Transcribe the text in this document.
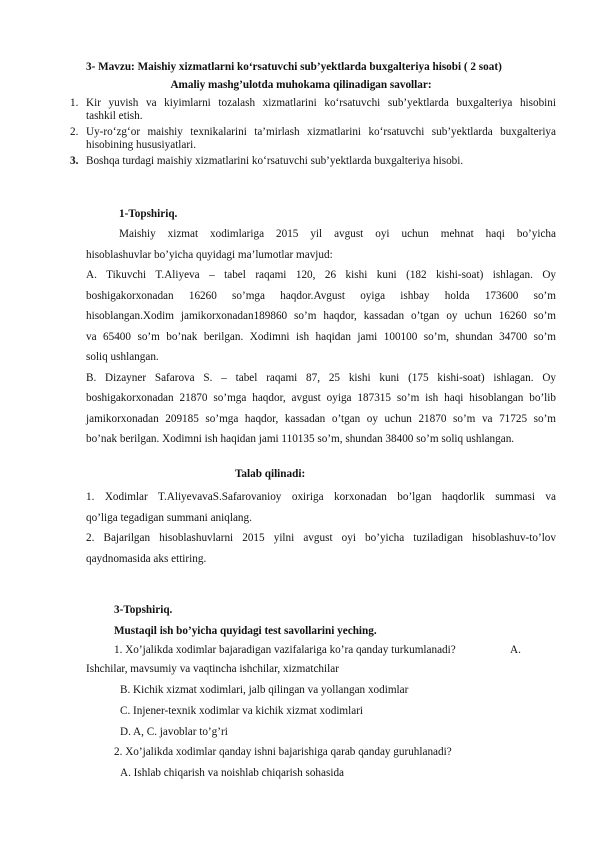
3- Mavzu: Maishiy xizmatlarni ko‘rsatuvchi sub’yektlarda buxgalteriya hisobi ( 2 soat)
Amaliy mashg’ulotda muhokama qilinadigan savollar:
1. Kir yuvish va kiyimlarni tozalash xizmatlarini ko‘rsatuvchi sub’yektlarda buxgalteriya hisobini
tashkil etish.
2. Uy-ro‘zg‘or maishiy texnikalarini ta’mirlash xizmatlarini ko‘rsatuvchi sub’yektlarda buxgalteriya
hisobining hususiyatlari.
3. Boshqa turdagi maishiy xizmatlarini ko‘rsatuvchi sub’yektlarda buxgalteriya hisobi.
1-Topshiriq.
Maishiy xizmat xodimlariga 2015 yil avgust oyi uchun mehnat haqi bo’yicha
hisoblashuvlar bo’yicha quyidagi ma’lumotlar mavjud:
A. Tikuvchi T.Aliyeva – tabel raqami 120, 26 kishi kuni (182 kishi-soat) ishlagan. Oy
boshigakorxonadan 16260 so’mga haqdor.Avgust oyiga ishbay holda 173600 so’m
hisoblangan.Xodim jamikorxonadan189860 so’m haqdor, kassadan o’tgan oy uchun 16260 so’m
va 65400 so’m bo’nak berilgan. Xodimni ish haqidan jami 100100 so’m, shundan 34700 so’m
soliq ushlangan.
B. Dizayner Safarova S. – tabel raqami 87, 25 kishi kuni (175 kishi-soat) ishlagan. Oy
boshigakorxonadan 21870 so’mga haqdor, avgust oyiga 187315 so’m ish haqi hisoblangan bo’lib
jamikorxonadan 209185 so’mga haqdor, kassadan o’tgan oy uchun 21870 so’m va 71725 so’m
bo’nak berilgan. Xodimni ish haqidan jami 110135 so’m, shundan 38400 so’m soliq ushlangan.
Talab qilinadi:
1. Xodimlar T.AliyevavaS.Safarovanioy oxiriga korxonadan bo’lgan haqdorlik summasi va
qo’liga tegadigan summani aniqlang.
2. Bajarilgan hisoblashuvlarni 2015 yilni avgust oyi bo’yicha tuziladigan hisoblashuv-to’lov
qaydnomasida aks ettiring.
3-Topshiriq.
Mustaqil ish bo’yicha quyidagi test savollarini yeching.
1. Xo’jalikda xodimlar bajaradigan vazifalariga ko’ra qanday turkumlanadi?	A.
Ishchilar, mavsumiy va vaqtincha ishchilar, xizmatchilar
B. Kichik xizmat xodimlari, jalb qilingan va yollangan xodimlar
C. Injener-texnik xodimlar va kichik xizmat xodimlari
D. A, C. javoblar to’g’ri
2. Xo’jalikda xodimlar qanday ishni bajarishiga qarab qanday guruhlanadi?
A. Ishlab chiqarish va noishlab chiqarish sohasida
